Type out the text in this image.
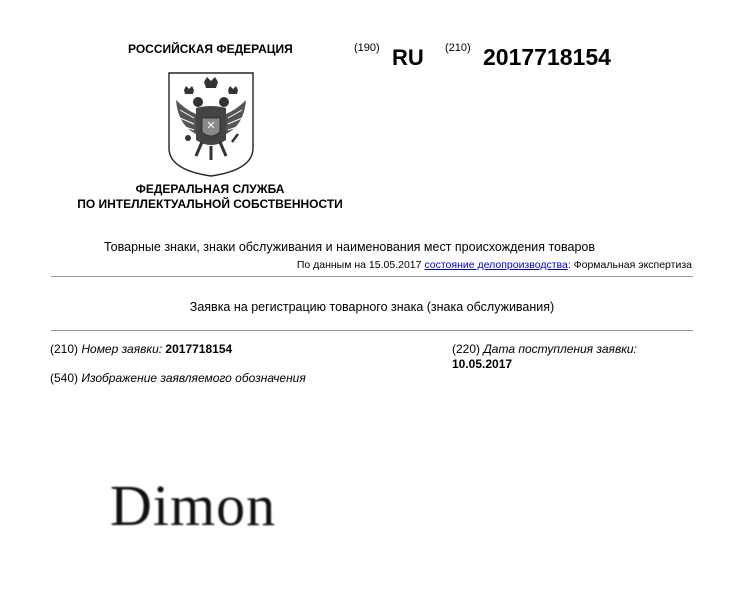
РОССИЙСКАЯ ФЕДЕРАЦИЯ	(190) RU (210) 2017718154
ФЕДЕРАЛЬНАЯ СЛУЖБА
ПО ИНТЕЛЛЕКТУАЛЬНОЙ СОБСТВЕННОСТИ
Товарные знаки, знаки обслуживания и наименования мест происхождения товаров
По данным на 15.05.2017 состояние делопроизводства: Формальная экспертиза
Заявка на регистрацию товарного знака (знака обслуживания)
(210) Номер заявки: 2017718154	(220) Дата поступления заявки:
10.05.2017
(540) Изображение заявляемого обозначения
Dimon
